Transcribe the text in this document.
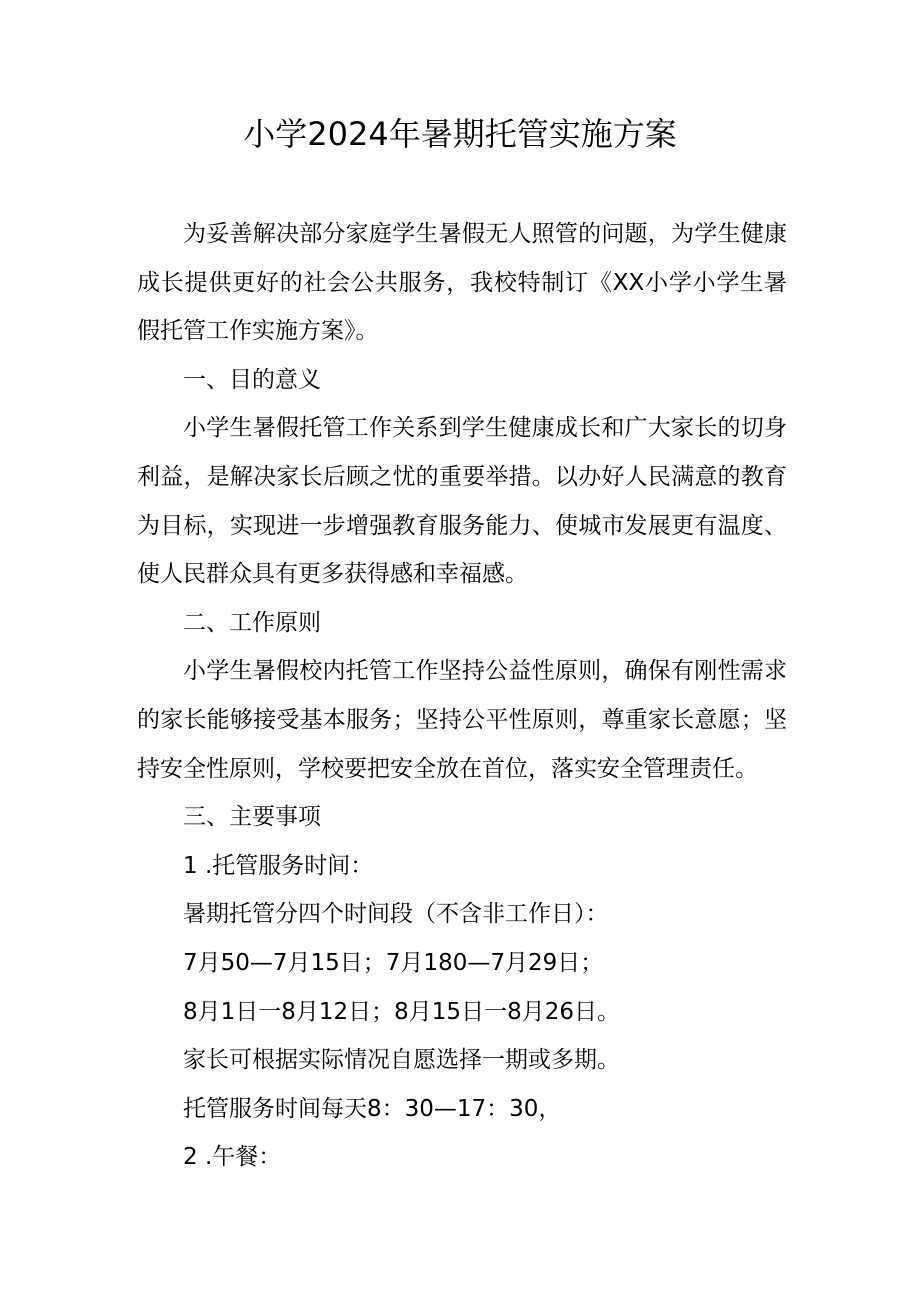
小学2024年暑期托管实施方案

为妥善解决部分家庭学生暑假无人照管的问题，为学生健康成长提供更好的社会公共服务，我校特制订《XX小学小学生暑假托管工作实施方案》。

一、目的意义

小学生暑假托管工作关系到学生健康成长和广大家长的切身利益，是解决家长后顾之忧的重要举措。以办好人民满意的教育为目标，实现进一步增强教育服务能力、使城市发展更有温度、使人民群众具有更多获得感和幸福感。

二、工作原则

小学生暑假校内托管工作坚持公益性原则，确保有刚性需求的家长能够接受基本服务；坚持公平性原则，尊重家长意愿；坚持安全性原则，学校要把安全放在首位，落实安全管理责任。

三、主要事项

1 .托管服务时间：

暑期托管分四个时间段（不含非工作日）：

7月50—7月15日；7月180—7月29日；

8月1日一8月12日；8月15日一8月26日。

家长可根据实际情况自愿选择一期或多期。

托管服务时间每天8：30—17：30，

2 .午餐：
